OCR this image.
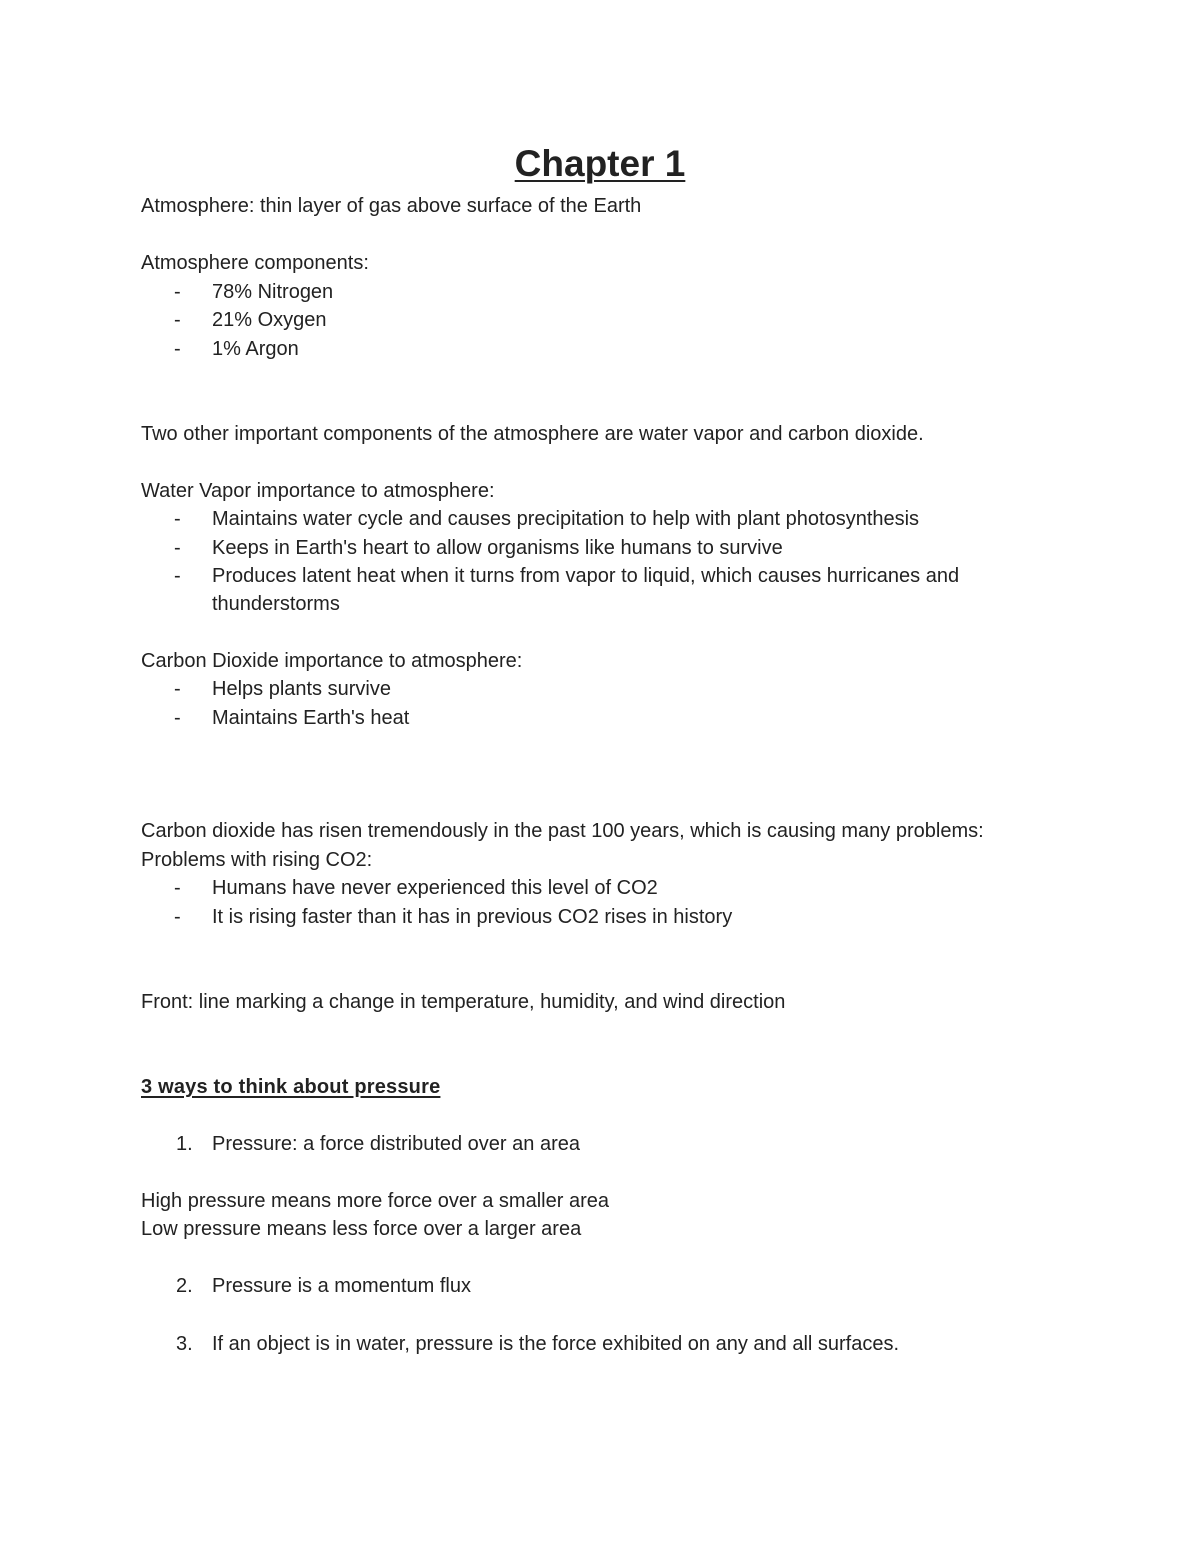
Chapter 1

Atmosphere: thin layer of gas above surface of the Earth

Atmosphere components:

- 78% Nitrogen
- 21% Oxygen
- 1% Argon

Two other important components of the atmosphere are water vapor and carbon dioxide.

Water Vapor importance to atmosphere:

- Maintains water cycle and causes precipitation to help with plant photosynthesis
- Keeps in Earth's heart to allow organisms like humans to survive
- Produces latent heat when it turns from vapor to liquid, which causes hurricanes and
thunderstorms

Carbon Dioxide importance to atmosphere:

- Helps plants survive
- Maintains Earth's heat

Carbon dioxide has risen tremendously in the past 100 years, which is causing many problems:

Problems with rising CO2:

- Humans have never experienced this level of CO2
- It is rising faster than it has in previous CO2 rises in history

Front: line marking a change in temperature, humidity, and wind direction

3 ways to think about pressure

1. Pressure: a force distributed over an area

High pressure means more force over a smaller area

Low pressure means less force over a larger area

2. Pressure is a momentum flux
3. If an object is in water, pressure is the force exhibited on any and all surfaces.
